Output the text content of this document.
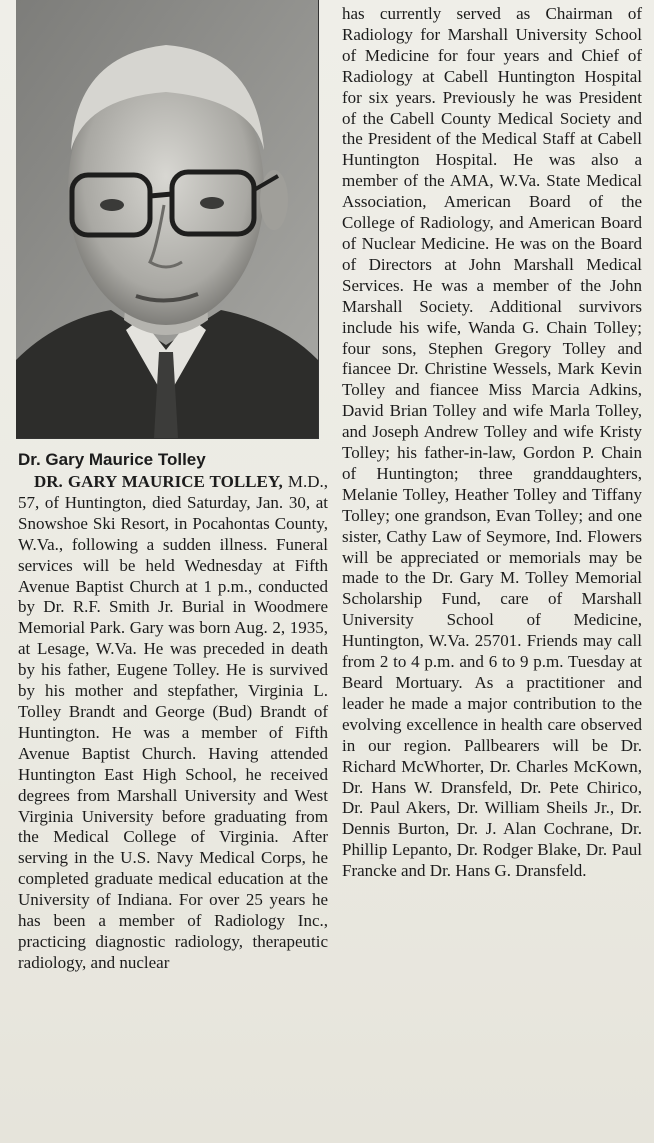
Dr. Gary Maurice Tolley

DR. GARY MAURICE TOLLEY, M.D., 57, of Huntington, died Saturday, Jan. 30, at Snowshoe Ski Resort, in Pocahontas County, W.Va., following a sudden illness. Funeral services will be held Wednesday at Fifth Avenue Baptist Church at 1 p.m., conducted by Dr. R.F. Smith Jr. Burial in Woodmere Memorial Park. Gary was born Aug. 2, 1935, at Lesage, W.Va. He was preceded in death by his father, Eugene Tolley. He is survived by his mother and stepfather, Virginia L. Tolley Brandt and George (Bud) Brandt of Huntington. He was a member of Fifth Avenue Baptist Church. Having attended Huntington East High School, he received degrees from Marshall University and West Virginia University before graduating from the Medical College of Virginia. After serving in the U.S. Navy Medical Corps, he completed graduate medical education at the University of Indiana. For over 25 years he has been a member of Radiology Inc., practicing diagnostic radiology, therapeutic radiology, and nuclear

has currently served as Chairman of Radiology for Marshall University School of Medicine for four years and Chief of Radiology at Cabell Huntington Hospital for six years. Previously he was President of the Cabell County Medical Society and the President of the Medical Staff at Cabell Huntington Hospital. He was also a member of the AMA, W.Va. State Medical Association, American Board of the College of Radiology, and American Board of Nuclear Medicine. He was on the Board of Directors at John Marshall Medical Services. He was a member of the John Marshall Society. Additional survivors include his wife, Wanda G. Chain Tolley; four sons, Stephen Gregory Tolley and fiancee Dr. Christine Wessels, Mark Kevin Tolley and fiancee Miss Marcia Adkins, David Brian Tolley and wife Marla Tolley, and Joseph Andrew Tolley and wife Kristy Tolley; his father-in-law, Gordon P. Chain of Huntington; three granddaughters, Melanie Tolley, Heather Tolley and Tiffany Tolley; one grandson, Evan Tolley; and one sister, Cathy Law of Seymore, Ind. Flowers will be appreciated or memorials may be made to the Dr. Gary M. Tolley Memorial Scholarship Fund, care of Marshall University School of Medicine, Huntington, W.Va. 25701. Friends may call from 2 to 4 p.m. and 6 to 9 p.m. Tuesday at Beard Mortuary. As a practitioner and leader he made a major contribution to the evolving excellence in health care observed in our region. Pallbearers will be Dr. Richard McWhorter, Dr. Charles McKown, Dr. Hans W. Dransfeld, Dr. Pete Chirico, Dr. Paul Akers, Dr. William Sheils Jr., Dr. Dennis Burton, Dr. J. Alan Cochrane, Dr. Phillip Lepanto, Dr. Rodger Blake, Dr. Paul Francke and Dr. Hans G. Dransfeld.
